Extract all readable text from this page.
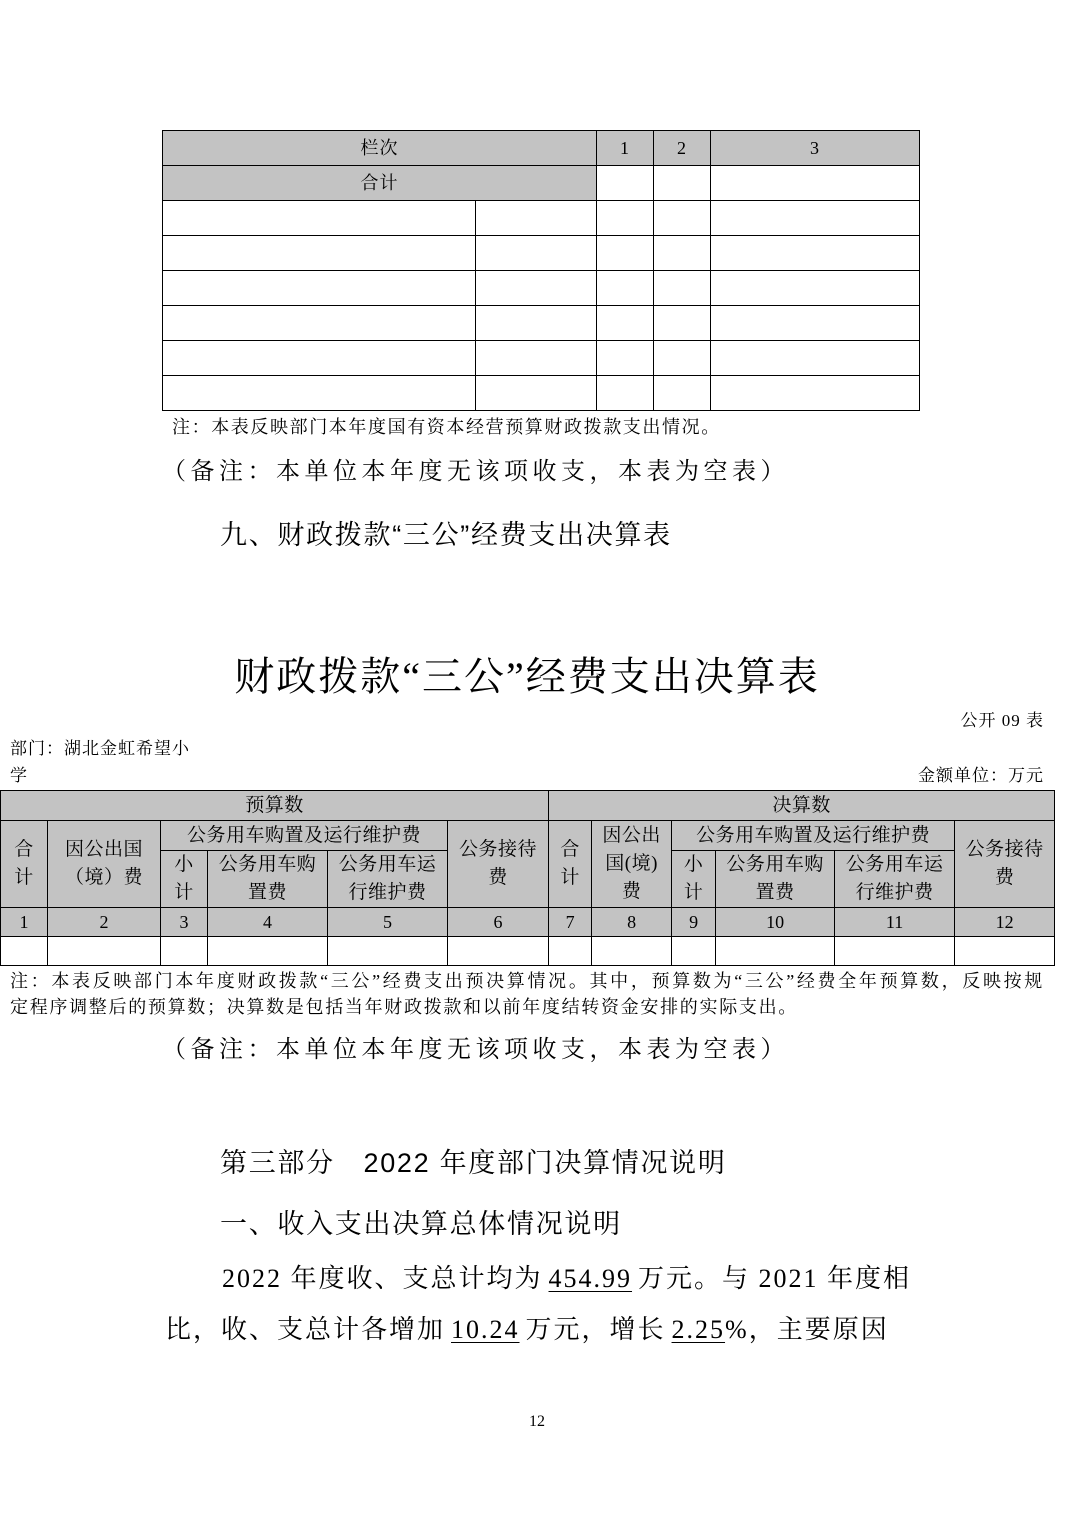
栏次		1	2	3
合计				

注：本表反映部门本年度国有资本经营预算财政拨款支出情况。
（备注：本单位本年度无该项收支，本表为空表）
九、财政拨款“三公”经费支出决算表
财政拨款“三公”经费支出决算表
公开 09 表
部门：湖北金虹希望小学	金额单位：万元
预算数						决算数					
合计	因公出国（境）费	公务用车购置及运行维护费			公务接待费	合计	因公出国(境)费	公务用车购置及运行维护费			公务接待费
		小计	公务用车购置费	公务用车运行维护费				小计	公务用车购置费	公务用车运行维护费	
1	2	3	4	5	6	7	8	9	10	11	12

注：本表反映部门本年度财政拨款“三公”经费支出预决算情况。其中，预算数为“三公”经费全年预算数，反映按规
定程序调整后的预算数；决算数是包括当年财政拨款和以前年度结转资金安排的实际支出。
（备注：本单位本年度无该项收支，本表为空表）
第三部分　2022 年度部门决算情况说明
一、收入支出决算总体情况说明
2022 年度收、支总计均为 454.99 万元。与 2021 年度相
比，收、支总计各增加 10.24 万元，增长 2.25%，主要原因
12
